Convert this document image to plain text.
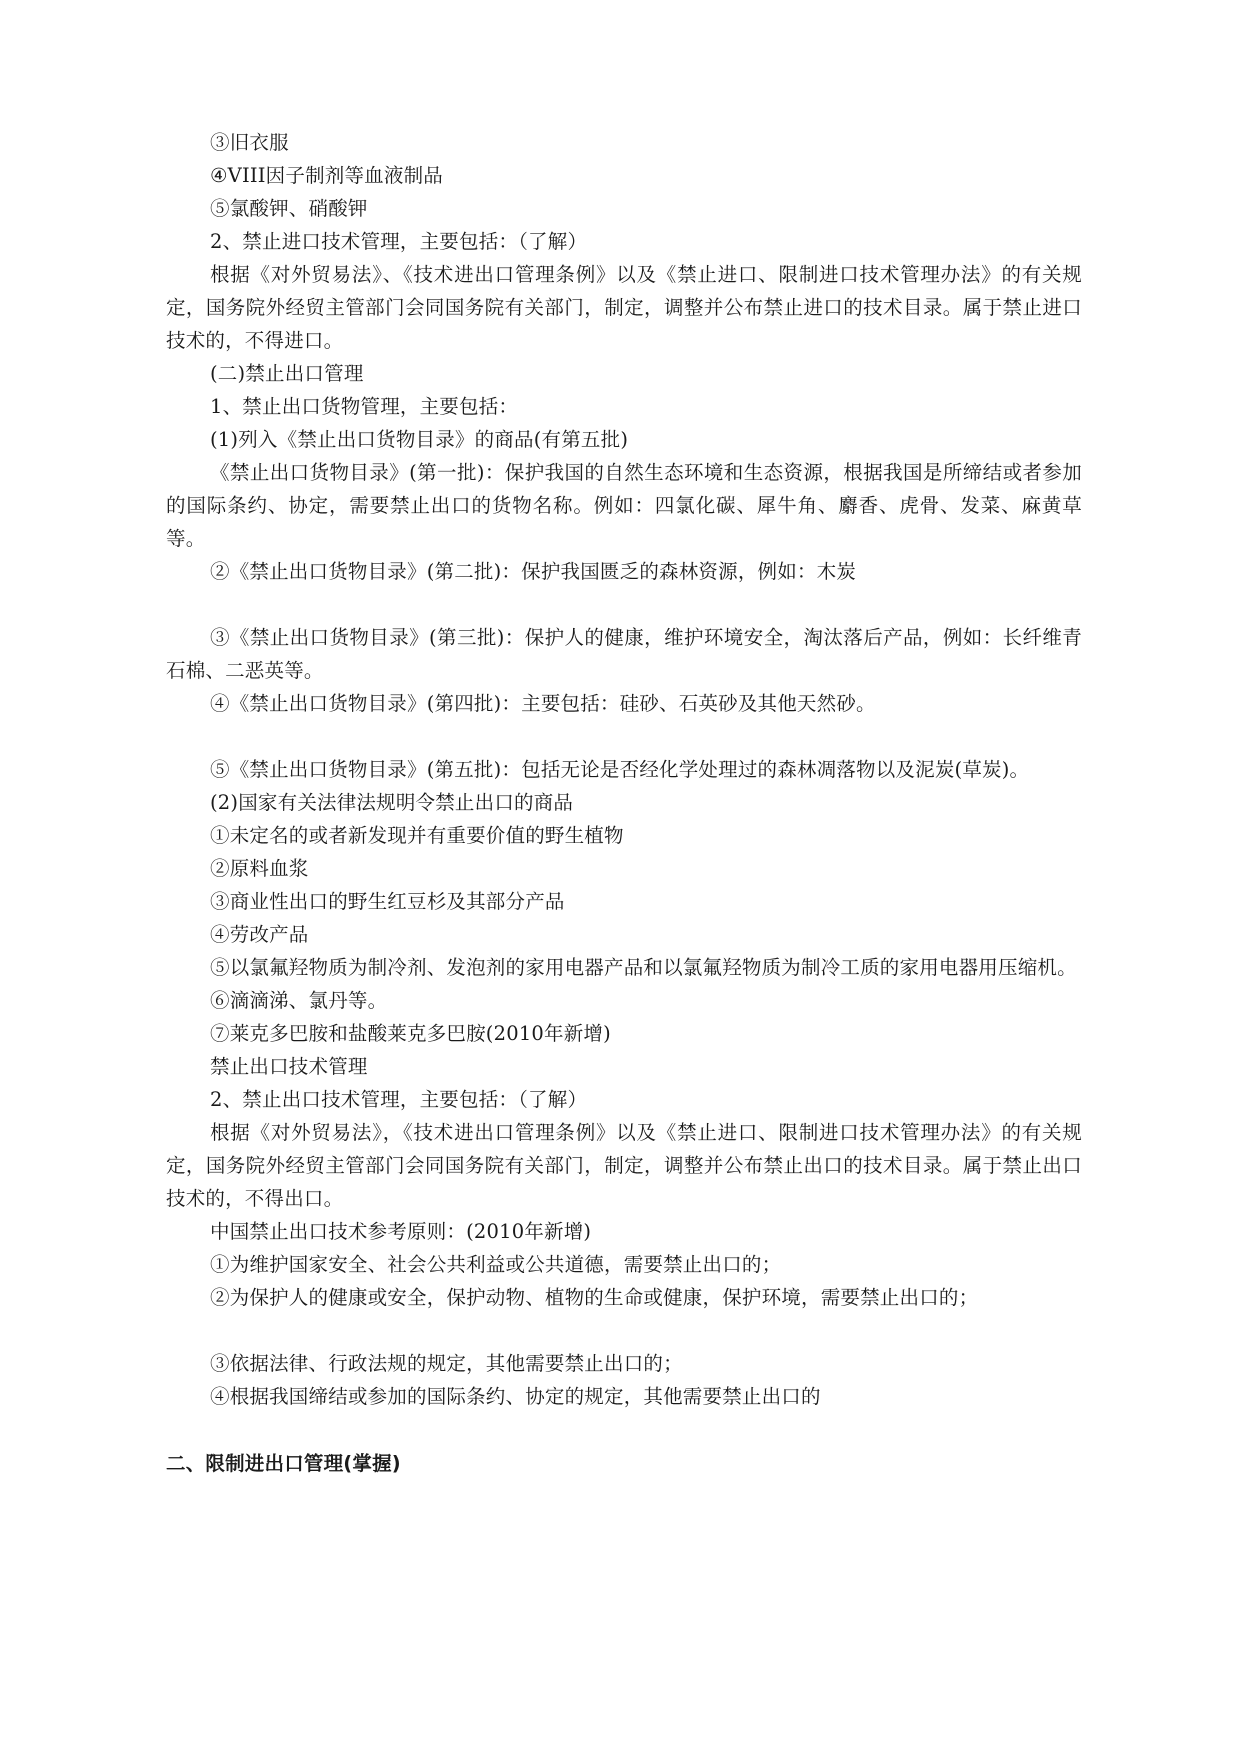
③旧衣服

④VIII因子制剂等血液制品

⑤氯酸钾、硝酸钾

2、禁止进口技术管理，主要包括：（了解）

根据《对外贸易法》、《技术进出口管理条例》以及《禁止进口、限制进口技术管理办法》的有关规定，国务院外经贸主管部门会同国务院有关部门，制定，调整并公布禁止进口的技术目录。属于禁止进口技术的，不得进口。

(二)禁止出口管理

1、禁止出口货物管理，主要包括：

(1)列入《禁止出口货物目录》的商品(有第五批)

《禁止出口货物目录》(第一批)：保护我国的自然生态环境和生态资源，根据我国是所缔结或者参加的国际条约、协定，需要禁止出口的货物名称。例如：四氯化碳、犀牛角、麝香、虎骨、发菜、麻黄草等。

②《禁止出口货物目录》(第二批)：保护我国匮乏的森林资源，例如：木炭

③《禁止出口货物目录》(第三批)：保护人的健康，维护环境安全，淘汰落后产品，例如：长纤维青石棉、二恶英等。

④《禁止出口货物目录》(第四批)：主要包括：硅砂、石英砂及其他天然砂。

⑤《禁止出口货物目录》(第五批)：包括无论是否经化学处理过的森林凋落物以及泥炭(草炭)。

(2)国家有关法律法规明令禁止出口的商品

①未定名的或者新发现并有重要价值的野生植物

②原料血浆

③商业性出口的野生红豆杉及其部分产品

④劳改产品

⑤以氯氟羟物质为制冷剂、发泡剂的家用电器产品和以氯氟羟物质为制冷工质的家用电器用压缩机。

⑥滴滴涕、氯丹等。

⑦莱克多巴胺和盐酸莱克多巴胺(2010年新增)

禁止出口技术管理

2、禁止出口技术管理，主要包括：（了解）

根据《对外贸易法》，《技术进出口管理条例》以及《禁止进口、限制进口技术管理办法》的有关规定，国务院外经贸主管部门会同国务院有关部门，制定，调整并公布禁止出口的技术目录。属于禁止出口技术的，不得出口。

中国禁止出口技术参考原则：(2010年新增)

①为维护国家安全、社会公共利益或公共道德，需要禁止出口的；

②为保护人的健康或安全，保护动物、植物的生命或健康，保护环境，需要禁止出口的；

③依据法律、行政法规的规定，其他需要禁止出口的；

④根据我国缔结或参加的国际条约、协定的规定，其他需要禁止出口的

二、限制进出口管理(掌握)
